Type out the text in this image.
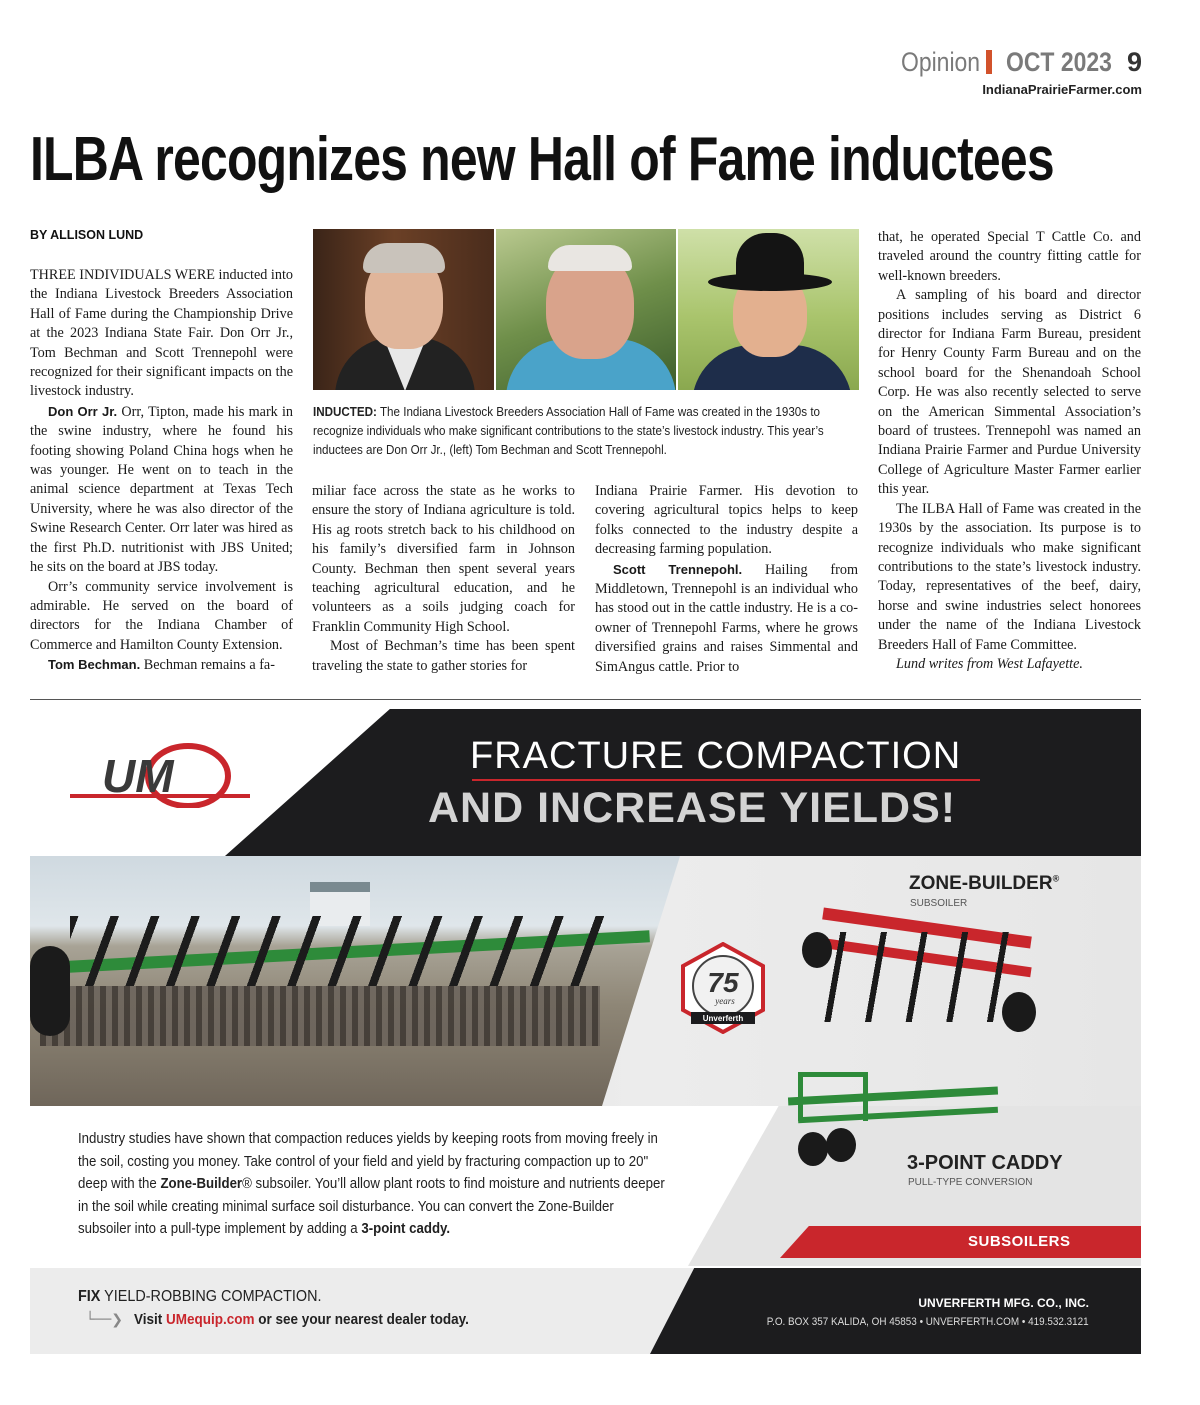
Opinion OCT 2023 9
IndianaPrairieFarmer.com
ILBA recognizes new Hall of Fame inductees
BY ALLISON LUND

THREE INDIVIDUALS WERE inducted into the Indiana Livestock Breeders Association Hall of Fame during the Championship Drive at the 2023 Indiana State Fair. Don Orr Jr., Tom Bechman and Scott Trennepohl were recognized for their significant impacts on the livestock industry.

Don Orr Jr. Orr, Tipton, made his mark in the swine industry, where he found his footing showing Poland China hogs when he was younger. He went on to teach in the animal science department at Texas Tech University, where he was also director of the Swine Research Center. Orr later was hired as the first Ph.D. nutritionist with JBS United; he sits on the board at JBS today.

Orr’s community service involvement is admirable. He served on the board of directors for the Indiana Chamber of Commerce and Hamilton County Extension.

Tom Bechman. Bechman remains a fa-

INDUCTED: The Indiana Livestock Breeders Association Hall of Fame was created in the 1930s to recognize individuals who make significant contributions to the state’s livestock industry. This year’s inductees are Don Orr Jr., (left) Tom Bechman and Scott Trennepohl.

miliar face across the state as he works to ensure the story of Indiana agriculture is told. His ag roots stretch back to his childhood on his family’s diversified farm in Johnson County. Bechman then spent several years teaching agricultural education, and he volunteers as a soils judging coach for Franklin Community High School.

Most of Bechman’s time has been spent traveling the state to gather stories for

Indiana Prairie Farmer. His devotion to covering agricultural topics helps to keep folks connected to the industry despite a decreasing farming population.

Scott Trennepohl. Hailing from Middletown, Trennepohl is an individual who has stood out in the cattle industry. He is a co-owner of Trennepohl Farms, where he grows diversified grains and raises Simmental and SimAngus cattle. Prior to

that, he operated Special T Cattle Co. and traveled around the country fitting cattle for well-known breeders.

A sampling of his board and director positions includes serving as District 6 director for Indiana Farm Bureau, president for Henry County Farm Bureau and on the school board for the Shenandoah School Corp. He was also recently selected to serve on the American Simmental Association’s board of trustees. Trennepohl was named an Indiana Prairie Farmer and Purdue University College of Agriculture Master Farmer earlier this year.

The ILBA Hall of Fame was created in the 1930s by the association. Its purpose is to recognize individuals who make significant contributions to the state’s livestock industry. Today, representatives of the beef, dairy, horse and swine industries select honorees under the name of the Indiana Livestock Breeders Hall of Fame Committee.

Lund writes from West Lafayette.

UM	FRACTURE COMPACTION
AND INCREASE YIELDS!
75
years
Unverferth
ZONE-BUILDER®
SUBSOILER
Industry studies have shown that compaction reduces yields by keeping roots from moving freely in the soil, costing you money. Take control of your field and yield by fracturing compaction up to 20" deep with the Zone-Builder® subsoiler. You’ll allow plant roots to find moisture and nutrients deeper in the soil while creating minimal surface soil disturbance. You can convert the Zone-Builder subsoiler into a pull-type implement by adding a 3-point caddy.
3-POINT CADDY
PULL-TYPE CONVERSION
SUBSOILERS
FIX YIELD-ROBBING COMPACTION.
└──❯ Visit UMequip.com or see your nearest dealer today.
UNVERFERTH MFG. CO., INC.
P.O. BOX 357 KALIDA, OH 45853 • UNVERFERTH.COM • 419.532.3121
